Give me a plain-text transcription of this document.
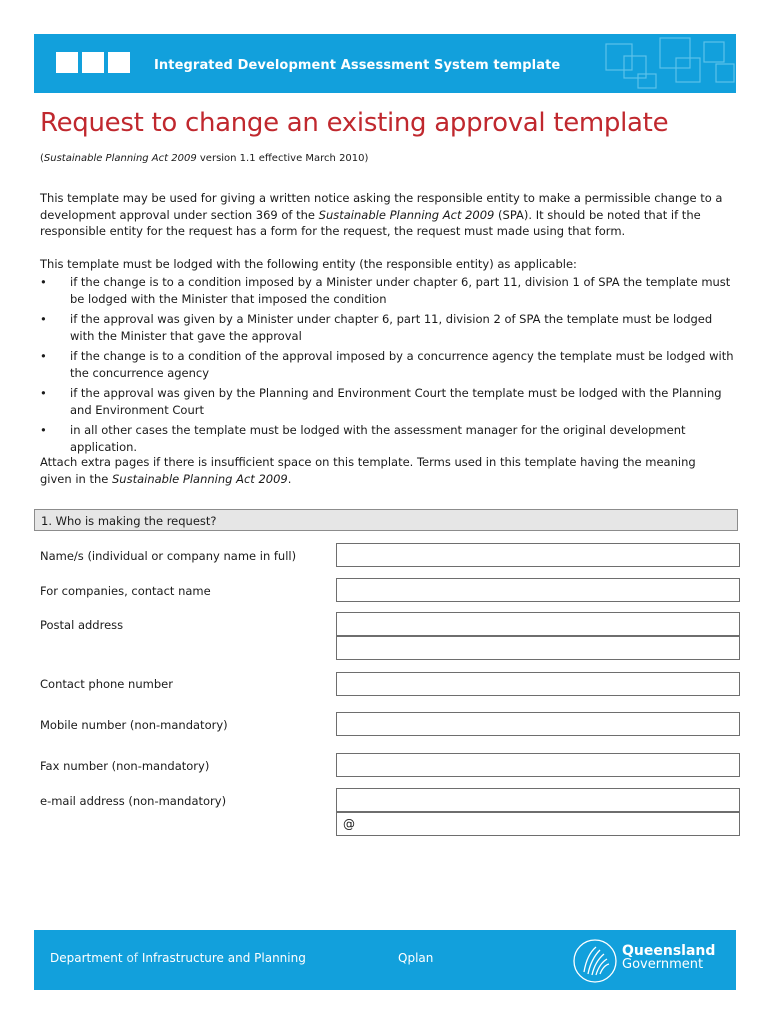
Integrated Development Assessment System template
Request to change an existing approval template
(Sustainable Planning Act 2009 version 1.1 effective March 2010)

This template may be used for giving a written notice asking the responsible entity to make a permissible change to a development approval under section 369 of the Sustainable Planning Act 2009 (SPA). It should be noted that if the responsible entity for the request has a form for the request, the request must made using that form.

This template must be lodged with the following entity (the responsible entity) as applicable:

• if the change is to a condition imposed by a Minister under chapter 6, part 11, division 1 of SPA the template must be lodged with the Minister that imposed the condition
• if the approval was given by a Minister under chapter 6, part 11, division 2 of SPA the template must be lodged with the Minister that gave the approval
• if the change is to a condition of the approval imposed by a concurrence agency the template must be lodged with the concurrence agency
• if the approval was given by the Planning and Environment Court the template must be lodged with the Planning and Environment Court
• in all other cases the template must be lodged with the assessment manager for the original development application.

Attach extra pages if there is insufficient space on this template. Terms used in this template having the meaning given in the Sustainable Planning Act 2009.

1. Who is making the request?
Name/s (individual or company name in full)
For companies, contact name
Postal address
Contact phone number
Mobile number (non-mandatory)
Fax number (non-mandatory)
e-mail address (non-mandatory)
@
Department of Infrastructure and Planning	Qplan	Queensland
Government
